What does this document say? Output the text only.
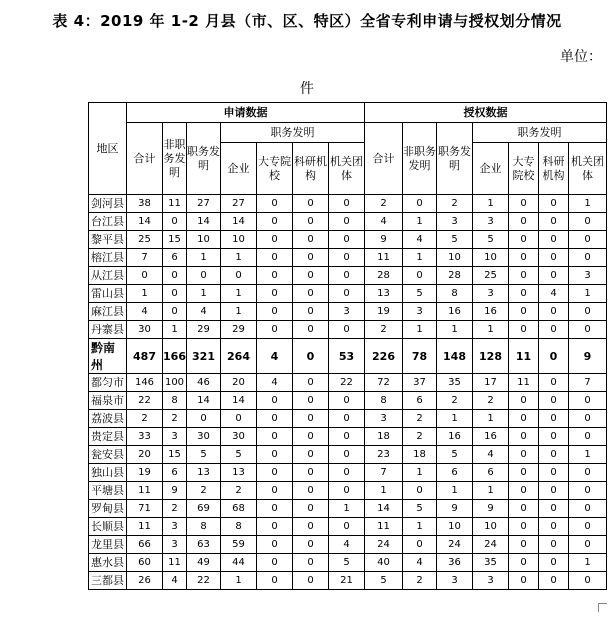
表 4：2019 年 1-2 月县（市、区、特区）全省专利申请与授权划分情况
单位：
件
地区	申请数据							授权数据						
	合计	非职务发明	职务发明	职务发明				合计	非职务发明	职务发明	职务发明			
				企业	大专院校	科研机构	机关团体				企业	大专院校	科研机构	机关团体
剑河县	38	11	27	27	0	0	0	2	0	2	1	0	0	1
台江县	14	0	14	14	0	0	0	4	1	3	3	0	0	0
黎平县	25	15	10	10	0	0	0	9	4	5	5	0	0	0
榕江县	7	6	1	1	0	0	0	11	1	10	10	0	0	0
从江县	0	0	0	0	0	0	0	28	0	28	25	0	0	3
雷山县	1	0	1	1	0	0	0	13	5	8	3	0	4	1
麻江县	4	0	4	1	0	0	3	19	3	16	16	0	0	0
丹寨县	30	1	29	29	0	0	0	2	1	1	1	0	0	0
黔南州	487	166	321	264	4	0	53	226	78	148	128	11	0	9
都匀市	146	100	46	20	4	0	22	72	37	35	17	11	0	7
福泉市	22	8	14	14	0	0	0	8	6	2	2	0	0	0
荔波县	2	2	0	0	0	0	0	3	2	1	1	0	0	0
贵定县	33	3	30	30	0	0	0	18	2	16	16	0	0	0
瓮安县	20	15	5	5	0	0	0	23	18	5	4	0	0	1
独山县	19	6	13	13	0	0	0	7	1	6	6	0	0	0
平塘县	11	9	2	2	0	0	0	1	0	1	1	0	0	0
罗甸县	71	2	69	68	0	0	1	14	5	9	9	0	0	0
长顺县	11	3	8	8	0	0	0	11	1	10	10	0	0	0
龙里县	66	3	63	59	0	0	4	24	0	24	24	0	0	0
惠水县	60	11	49	44	0	0	5	40	4	36	35	0	0	1
三都县	26	4	22	1	0	0	21	5	2	3	3	0	0	0
